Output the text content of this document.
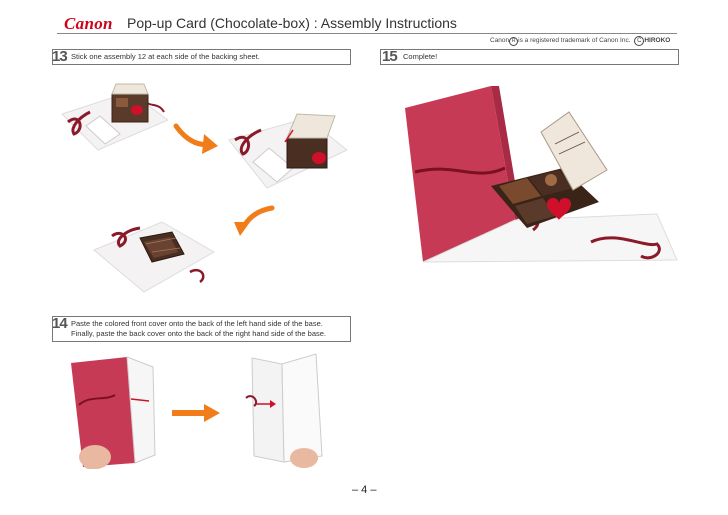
Canon Pop-up Card (Chocolate-box) : Assembly Instructions
Canon R is a registered trademark of Canon Inc. C HIROKO
13 Stick one assembly 12 at each side of the backing sheet.	15 Complete!
14 Paste the colored front cover onto the back of the left hand side of the base.
Finally, paste the back cover onto the back of the right hand side of the base.
– 4 –
